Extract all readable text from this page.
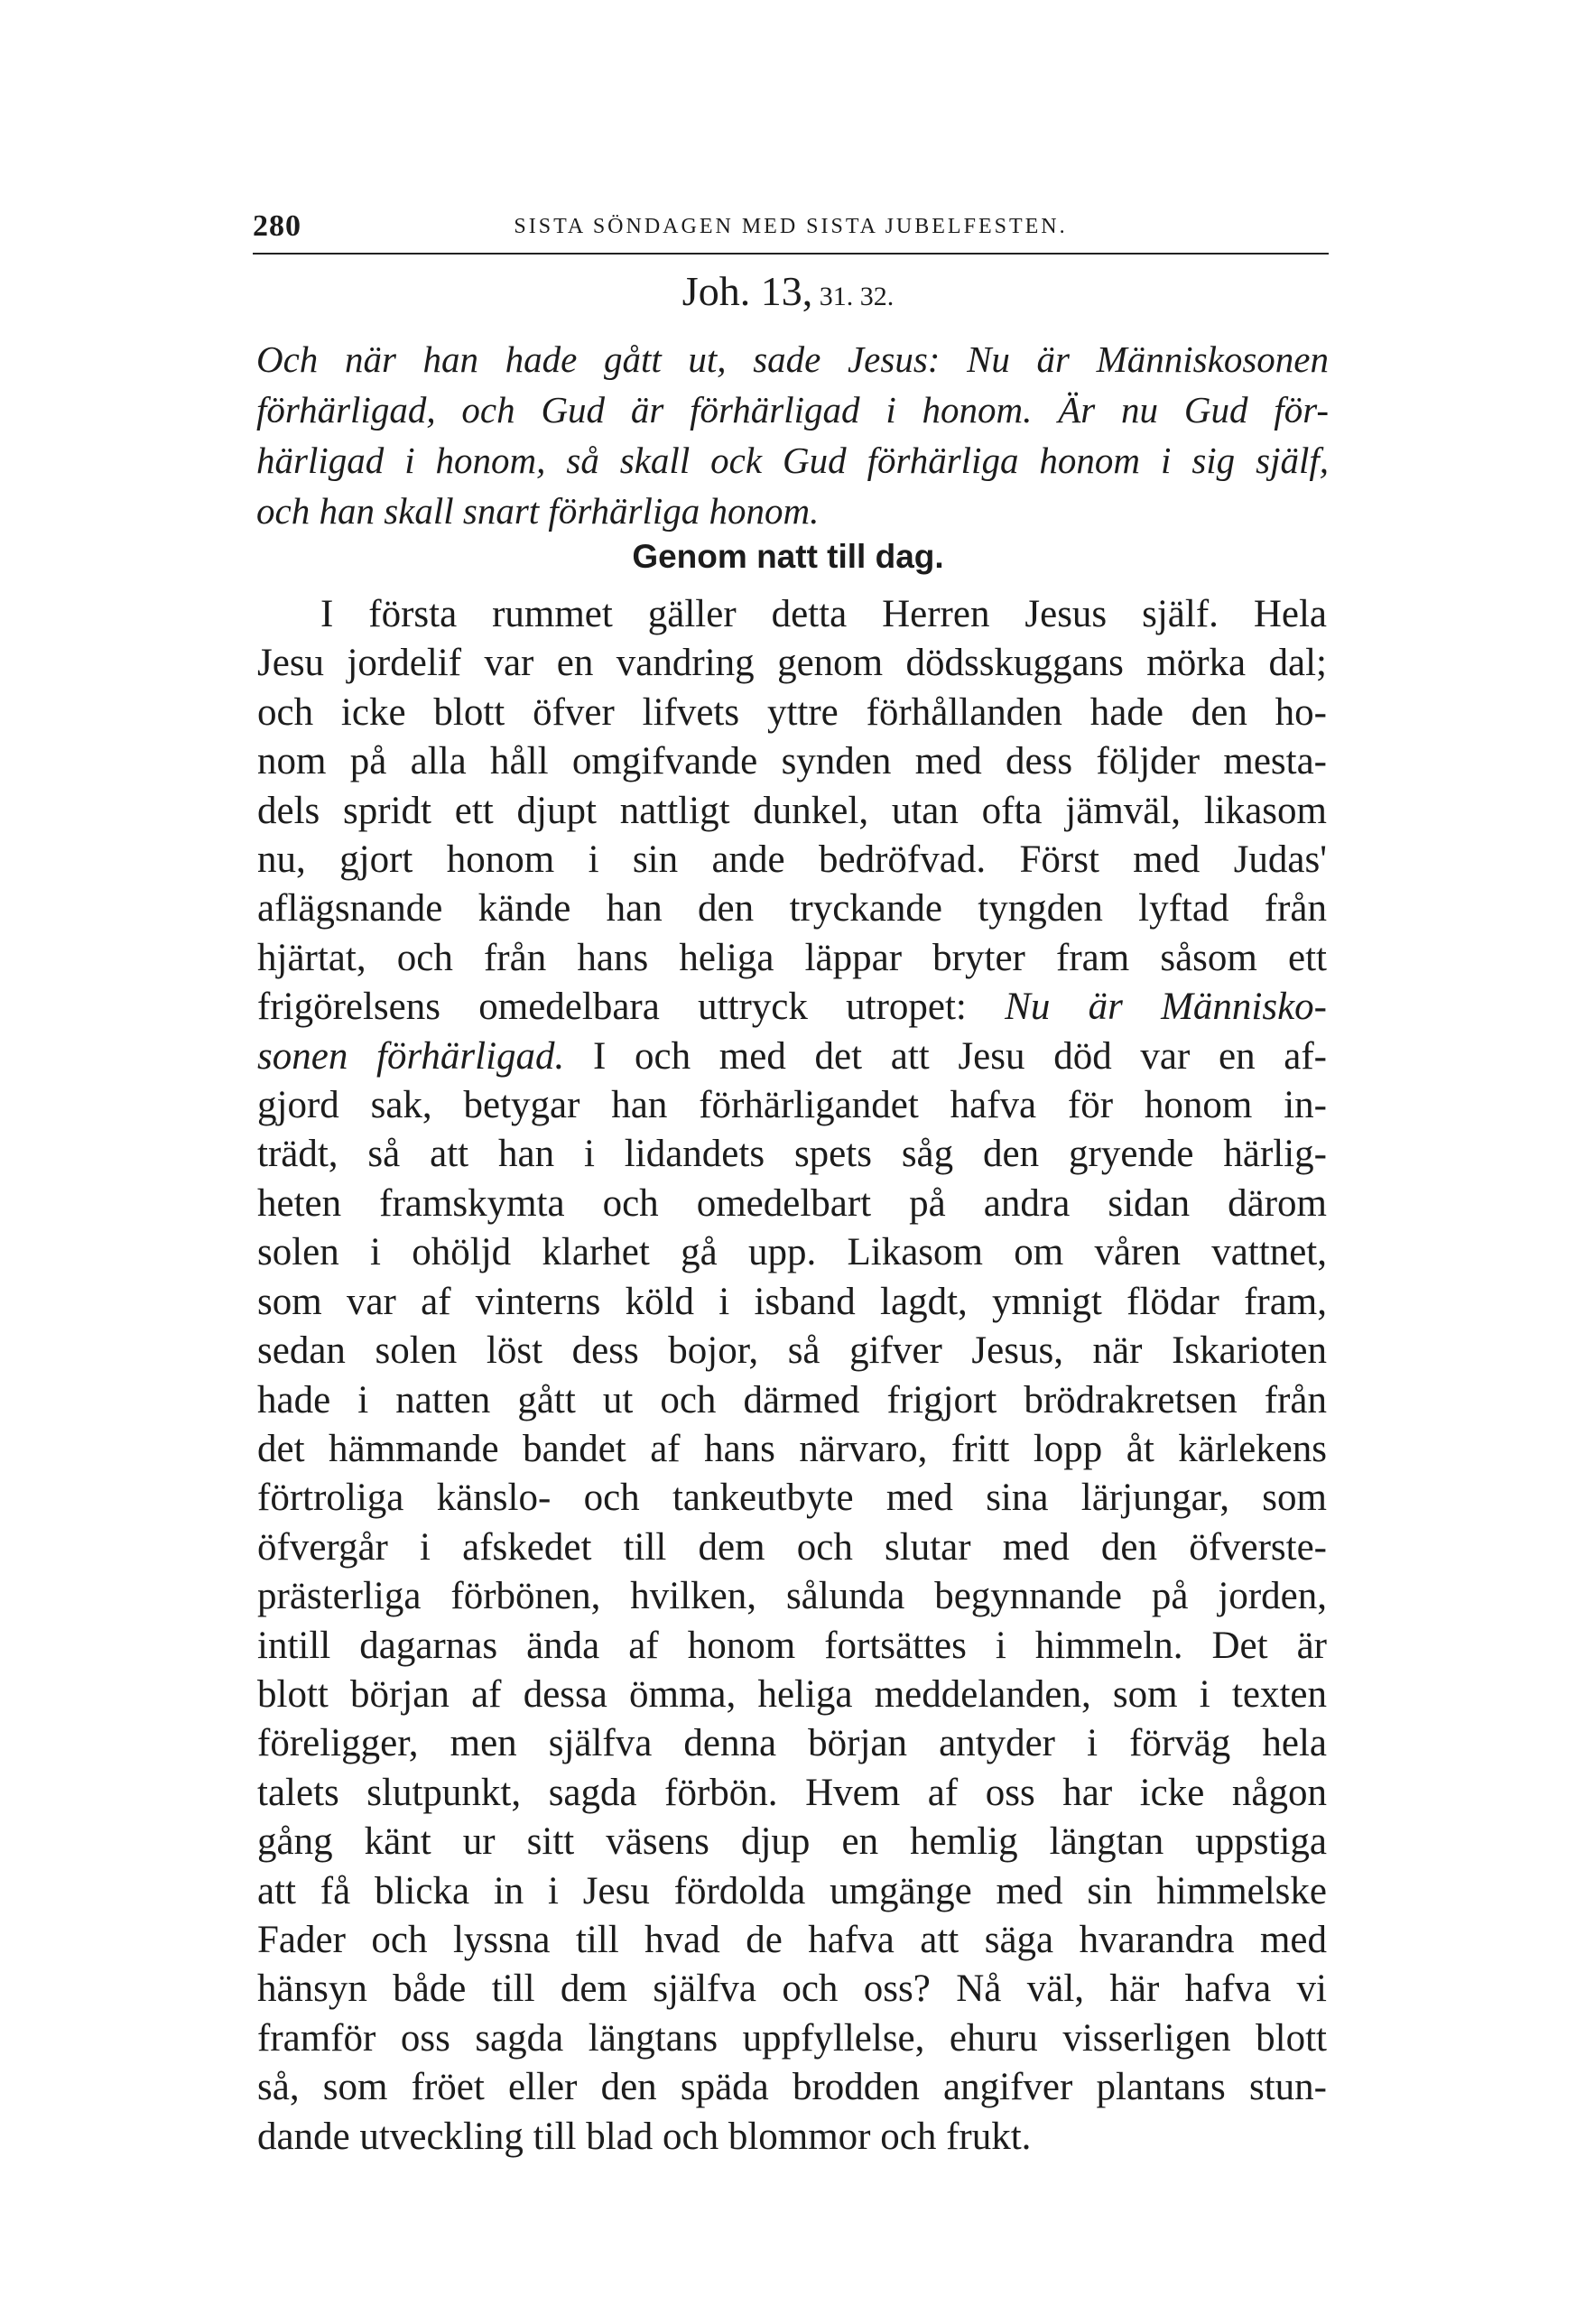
280	SISTA SÖNDAGEN MED SISTA JUBELFESTEN.
Joh. 13, 31. 32.
Och när han hade gått ut, sade Jesus: Nu är Människosonen
förhärligad, och Gud är förhärligad i honom. Är nu Gud för-
härligad i honom, så skall ock Gud förhärliga honom i sig själf,
och han skall snart förhärliga honom.
Genom natt till dag.
I första rummet gäller detta Herren Jesus själf. Hela
Jesu jordelif var en vandring genom dödsskuggans mörka dal;
och icke blott öfver lifvets yttre förhållanden hade den ho-
nom på alla håll omgifvande synden med dess följder mesta-
dels spridt ett djupt nattligt dunkel, utan ofta jämväl, likasom
nu, gjort honom i sin ande bedröfvad. Först med Judas'
aflägsnande kände han den tryckande tyngden lyftad från
hjärtat, och från hans heliga läppar bryter fram såsom ett
frigörelsens omedelbara uttryck utropet: Nu är Människo-
sonen förhärligad. I och med det att Jesu död var en af-
gjord sak, betygar han förhärligandet hafva för honom in-
trädt, så att han i lidandets spets såg den gryende härlig-
heten framskymta och omedelbart på andra sidan därom
solen i ohöljd klarhet gå upp. Likasom om våren vattnet,
som var af vinterns köld i isband lagdt, ymnigt flödar fram,
sedan solen löst dess bojor, så gifver Jesus, när Iskarioten
hade i natten gått ut och därmed frigjort brödrakretsen från
det hämmande bandet af hans närvaro, fritt lopp åt kärlekens
förtroliga känslo- och tankeutbyte med sina lärjungar, som
öfvergår i afskedet till dem och slutar med den öfverste-
prästerliga förbönen, hvilken, sålunda begynnande på jorden,
intill dagarnas ända af honom fortsättes i himmeln. Det är
blott början af dessa ömma, heliga meddelanden, som i texten
föreligger, men själfva denna början antyder i förväg hela
talets slutpunkt, sagda förbön. Hvem af oss har icke någon
gång känt ur sitt väsens djup en hemlig längtan uppstiga
att få blicka in i Jesu fördolda umgänge med sin himmelske
Fader och lyssna till hvad de hafva att säga hvarandra med
hänsyn både till dem själfva och oss? Nå väl, här hafva vi
framför oss sagda längtans uppfyllelse, ehuru visserligen blott
så, som fröet eller den späda brodden angifver plantans stun-
dande utveckling till blad och blommor och frukt.
